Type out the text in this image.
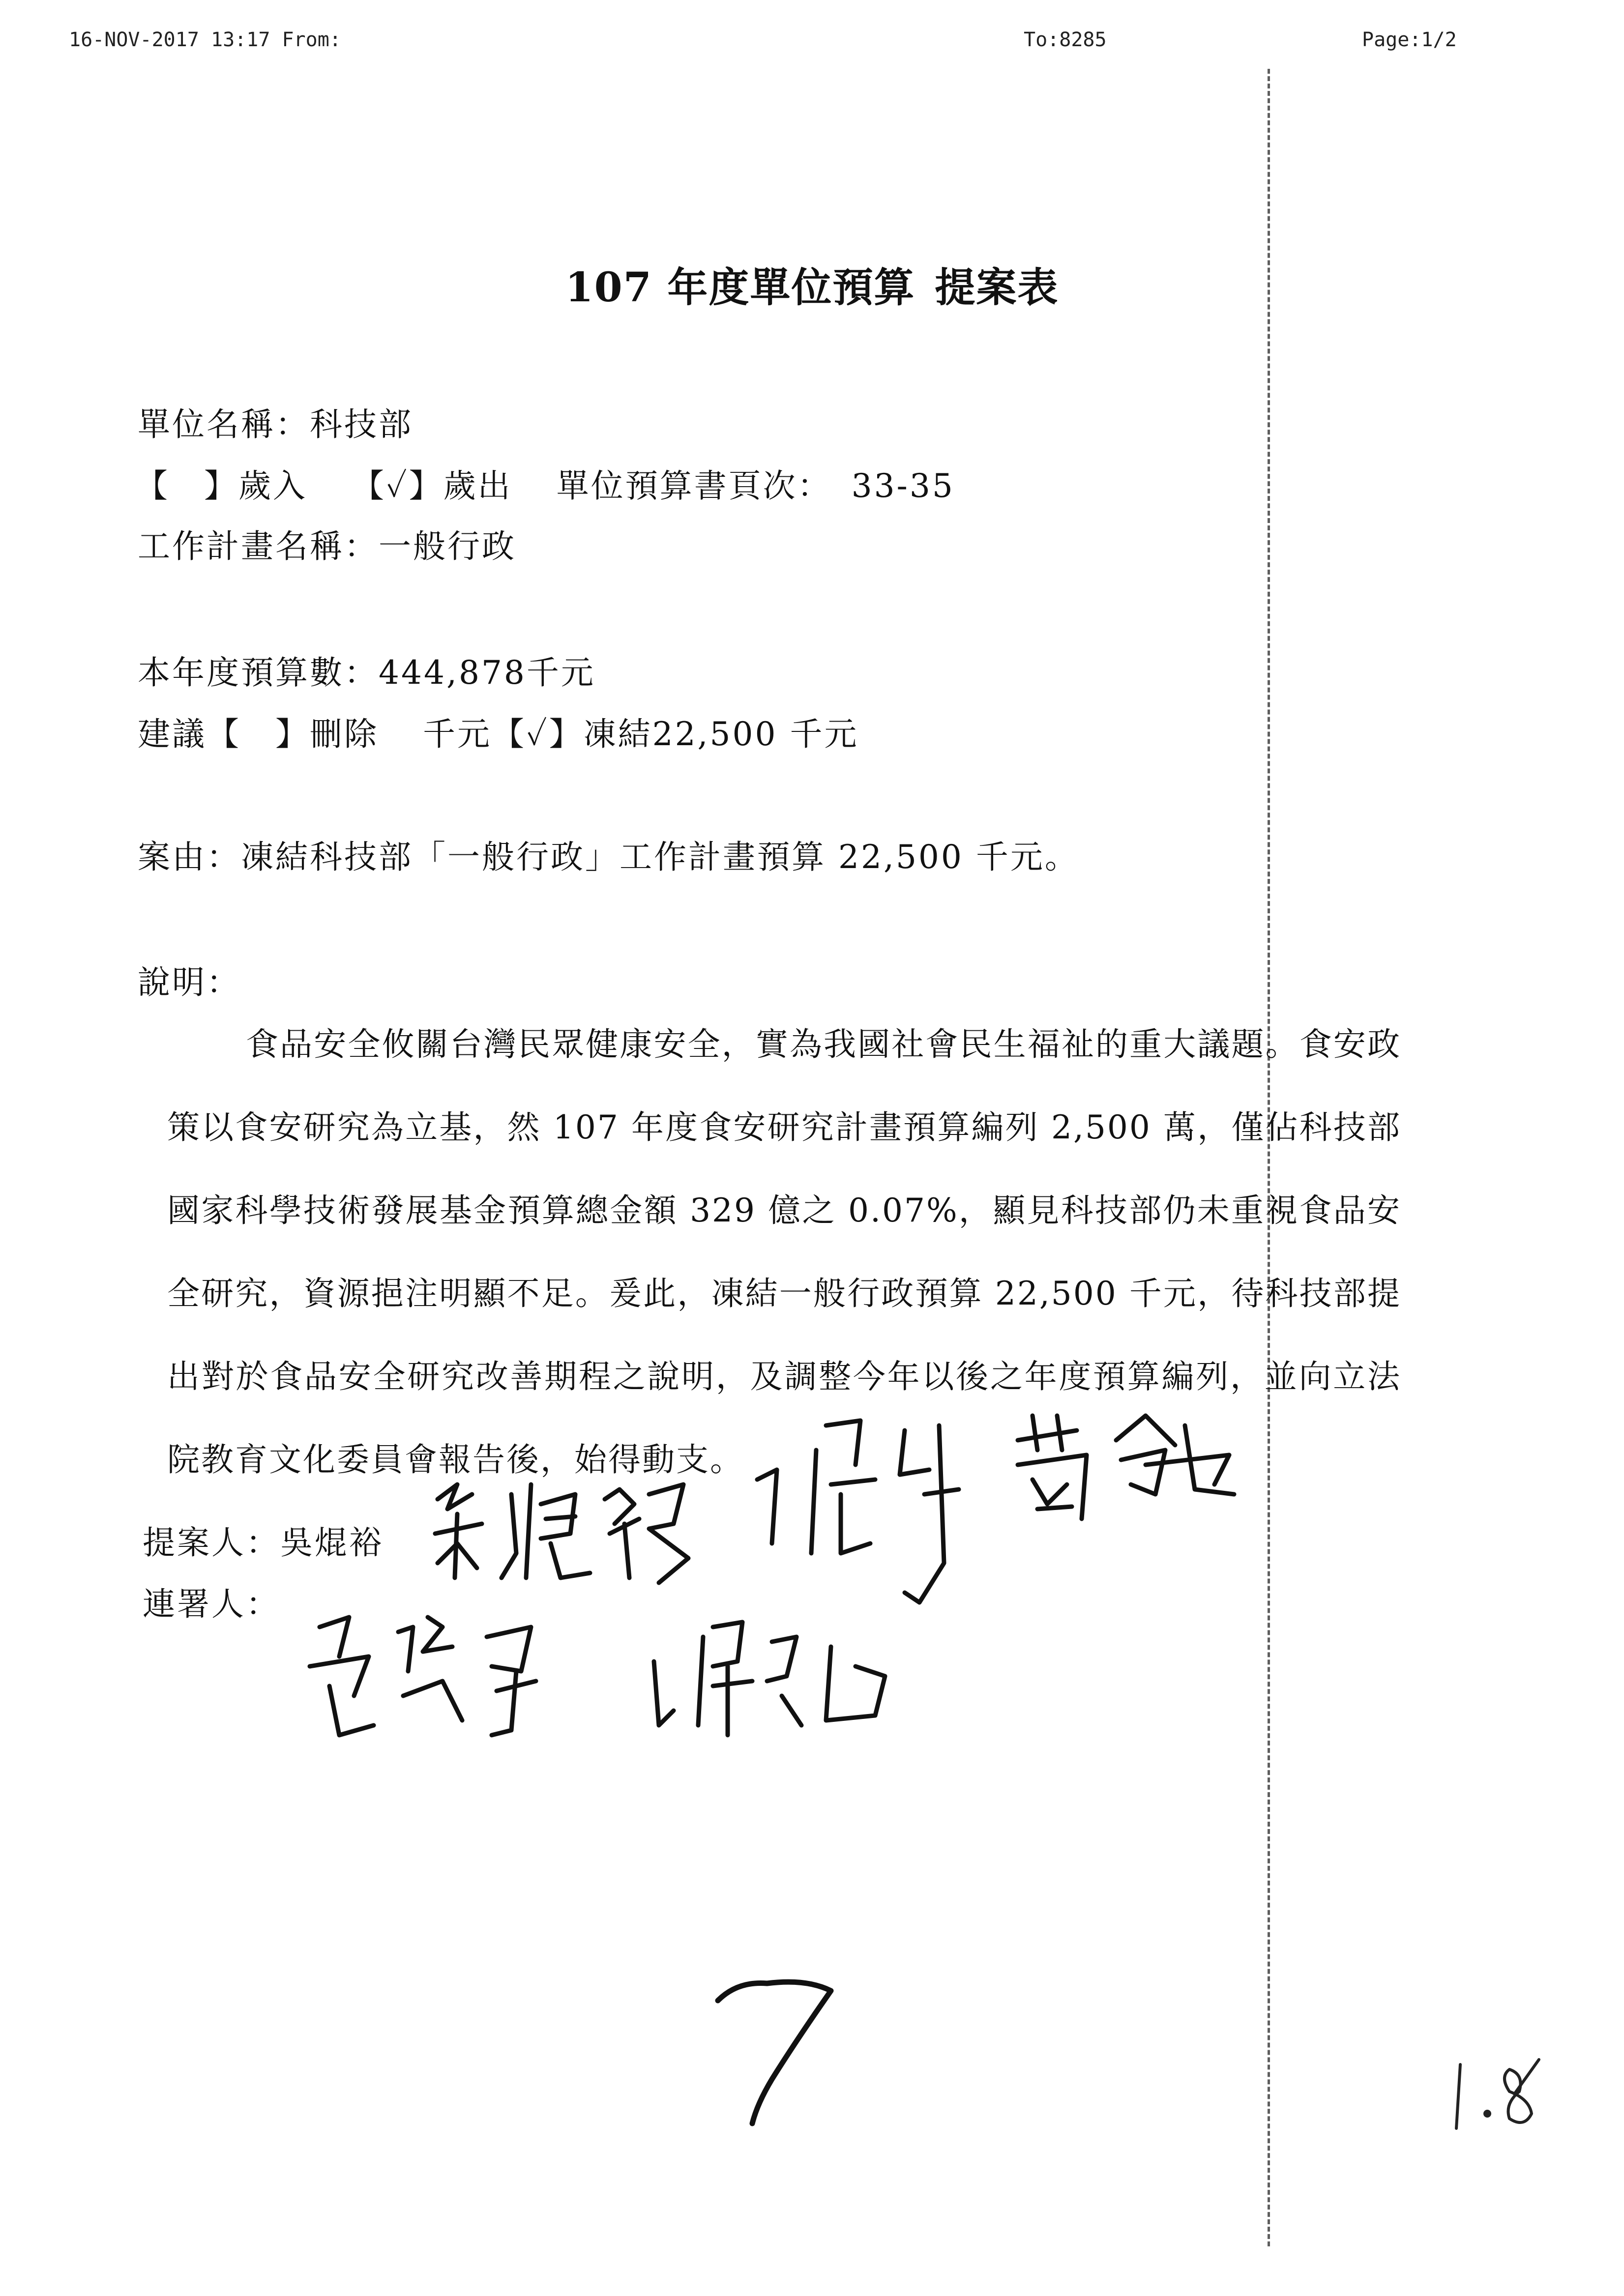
16-NOV-2017 13:17 From:	To:8285	Page:1/2
107 年度單位預算 提案表
單位名稱：科技部
【　】歲入 【✓】歲出 單位預算書頁次： 33-35
工作計畫名稱：一般行政
本年度預算數：444,878千元
建議【　】刪除 千元【✓】凍結22,500 千元
案由：凍結科技部「一般行政」工作計畫預算 22,500 千元。
說明：
食品安全攸關台灣民眾健康安全，實為我國社會民生福祉的重大議題。食安政策以食安研究為立基，然 107 年度食安研究計畫預算編列 2,500 萬，僅佔科技部國家科學技術發展基金預算總金額 329 億之 0.07%，顯見科技部仍未重視食品安全研究，資源挹注明顯不足。爰此，凍結一般行政預算 22,500 千元，待科技部提出對於食品安全研究改善期程之說明，及調整今年以後之年度預算編列，並向立法院教育文化委員會報告後，始得動支。
提案人：吳焜裕
連署人：
